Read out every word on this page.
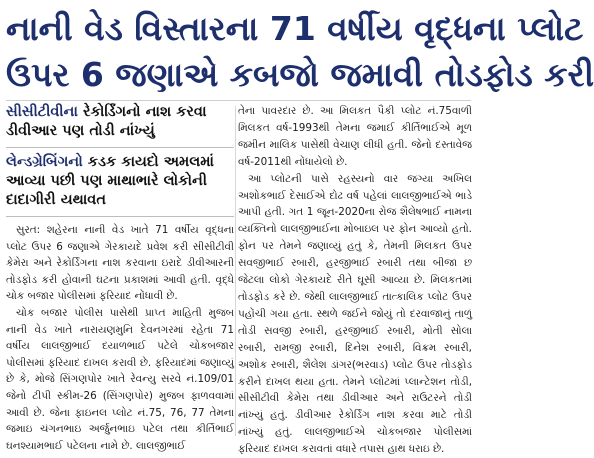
નાની વેડ વિસ્તારના 71 વર્ષીય વૃદ્ધના પ્લોટ
ઉપર 6 જણાએ કબજો જમાવી તોડફોડ કરી

સીસીટીવીના રેકોર્ડિંગનો નાશ કરવા ડીવીઆર પણ તોડી નાંખ્યું

લેન્ડગ્રેબિંગનો કડક કાયદો અમલમાં આવ્યા પછી પણ માથાભારે લોકોની દાદાગીરી યથાવત

સુરત: શહેરના નાની વેડ ખાતે 71 વર્ષીય વૃદ્ધના પ્લોટ ઉપર 6 જણાએ ગેરકાયદે પ્રવેશ કરી સીસીટીવી કેમેરા અને રેકોર્ડિંગના નાશ કરવાના ઇરાદે ડીવીઆરની તોડફોડ કરી હોવાની ઘટના પ્રકાશમાં આવી હતી. વૃદ્ધે ચોક બજાર પોલીસમાં ફરિયાદ નોંધાવી છે.

ચોક બજાર પોલીસ પાસેથી પ્રાપ્ત માહિતી મુજબ નાની વેડ ખાતે નારાયણમુનિ દેવનગરમાં રહેતા 71 વર્ષીય લાલજીભાઈ દયાળભાઈ પટેલે ચોકબજાર પોલીસમાં ફરિયાદ દાખલ કરાવી છે. ફરિયાદમાં જણાવ્યું છે કે, મોજે સિંગણપોર ખાતે રેવન્યુ સરવે નં.109/01 જેનો ટીપી સ્કીમ-26 (સિંગણપોર) મુજબ ફાળવવામાં આવી છે. જેના ફાઇનલ પ્લોટ નં.75, 76, 77 તેમના જમાઇ ચંગનભાઇ અર્જુનભાઇ પટેલ તથા કીર્તિભાઈ ઘનશ્યામભાઈ પટેલના નામે છે. લાલજીભાઈ

તેના પાવરદાર છે. આ મિલકત પૈકી પ્લોટ નં.75વાળી મિલકત વર્ષ-1993થી તેમના જમાઈ કીર્તિભાઈએ મૂળ જમીન માલિક પાસેથી વેચાણ લીધી હતી. જેનો દસ્તાવેજ વર્ષ-2011થી નોંધાયેલો છે.

આ પ્લોટની પાસે રહસ્યનો વાર જગ્યા અખિલ અશોકભાઈ દેસાઈએ દોઢ વર્ષ પહેલાં લાલજીભાઈએ ભાડે આપી હતી. ગત 1 જૂન-2020ના રોજ શૈલેષભાઈ નામના વ્યક્તિનો લાલજીભાઈના મોબાઇલ પર ફોન આવ્યો હતો. ફોન પર તેમને જણાવ્યું હતું કે, તેમની મિલકત ઉપર સવજીભાઈ રબારી, હરજીભાઈ રબારી તથા બીજા છ જેટલા લોકો ગેરકાયદે રીતે ઘૂસી આવ્યા છે. મિલકતમાં તોડફોડ કરે છે. જેથી લાલજીભાઈ તાત્કાલિક પ્લોટ ઉપર પહોંચી ગયા હતા. સ્થળે જઈને જોયું તો દરવાજાનું તાળું તોડી સવજી રબારી, હરજીભાઈ રબારી, મોતી સોલા રબારી, રામજી રબારી, દિનેશ રબારી, વિક્રમ રબારી, અશોક રબારી, શૈલેશ ડાંગર(ભરવાડ) પ્લોટ ઉપર તોડફોડ કરીને દાખલ થયા હતા. તેમને પ્લોટમાં પ્લાન્ટેશન તોડી, સીસીટીવી કેમેરા તથા ડીવીઆર અને રાઉટરને તોડી નાંખ્યું હતું. ડીવીઆર રેકોર્ડિંગ નાશ કરવા માટે તોડી નાંખ્યું હતું. લાલજીભાઈએ ચોકબજાર પોલીસમાં ફરિયાદ દાખલ કરાવતાં વધારે તપાસ હાથ ધરાઇ છે.
